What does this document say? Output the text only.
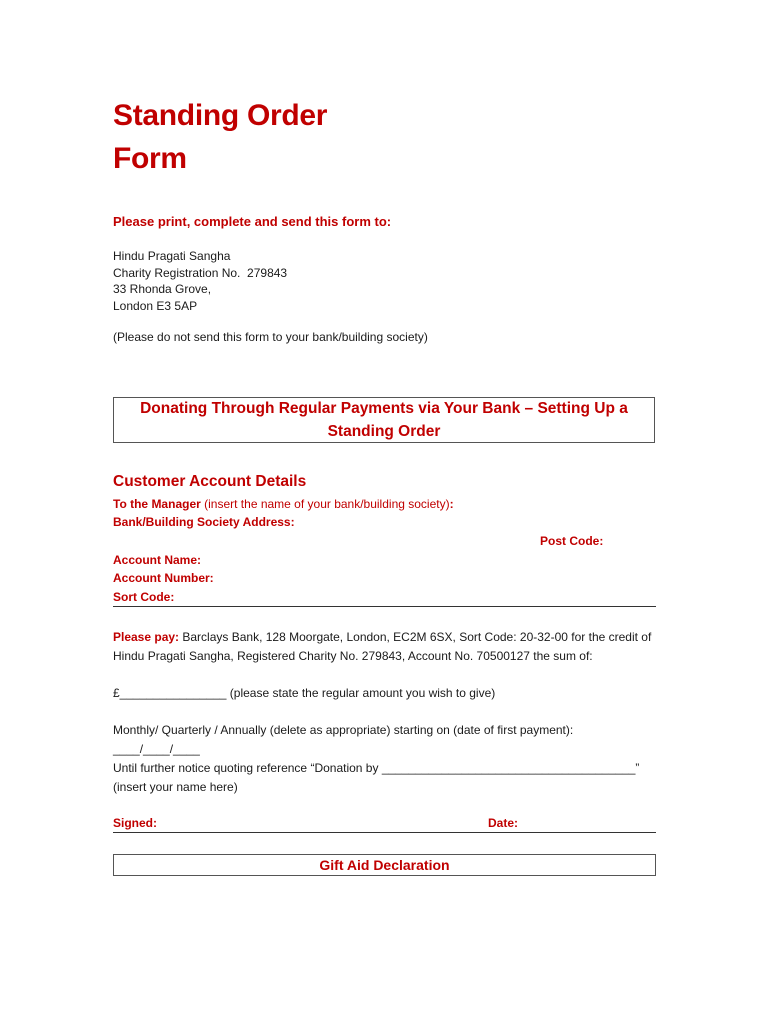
Standing Order
Form
Please print, complete and send this form to:
Hindu Pragati Sangha
Charity Registration No.  279843
33 Rhonda Grove,
London E3 5AP
(Please do not send this form to your bank/building society)
Donating Through Regular Payments via Your Bank – Setting Up a Standing Order
Customer Account Details
To the Manager (insert the name of your bank/building society):
Bank/Building Society Address:
Post Code:
Account Name:
Account Number:
Sort Code:
Please pay: Barclays Bank, 128 Moorgate, London, EC2M 6SX, Sort Code: 20-32-00 for the credit of Hindu Pragati Sangha, Registered Charity No. 279843, Account No. 70500127 the sum of:
£________________ (please state the regular amount you wish to give)
Monthly/ Quarterly / Annually (delete as appropriate) starting on (date of first payment): ____/____/____
Until further notice quoting reference “Donation by ______________________________________” (insert your name here)
Signed:	Date:
Gift Aid Declaration
